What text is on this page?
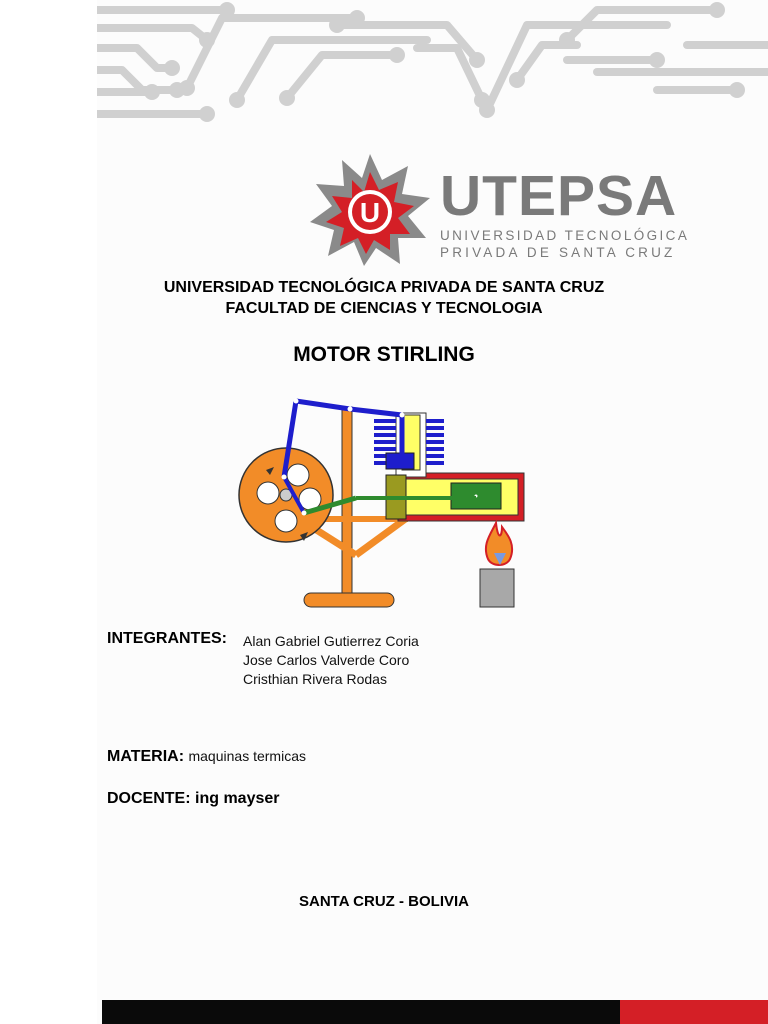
U UTEPSA
UNIVERSIDAD TECNOLÓGICA
PRIVADA DE SANTA CRUZ
UNIVERSIDAD TECNOLÓGICA PRIVADA DE SANTA CRUZ
FACULTAD DE CIENCIAS Y TECNOLOGIA
MOTOR STIRLING
INTEGRANTES: Alan Gabriel Gutierrez Coria
Jose Carlos Valverde Coro
Cristhian Rivera Rodas
MATERIA: maquinas termicas
DOCENTE: ing mayser
SANTA CRUZ - BOLIVIA
